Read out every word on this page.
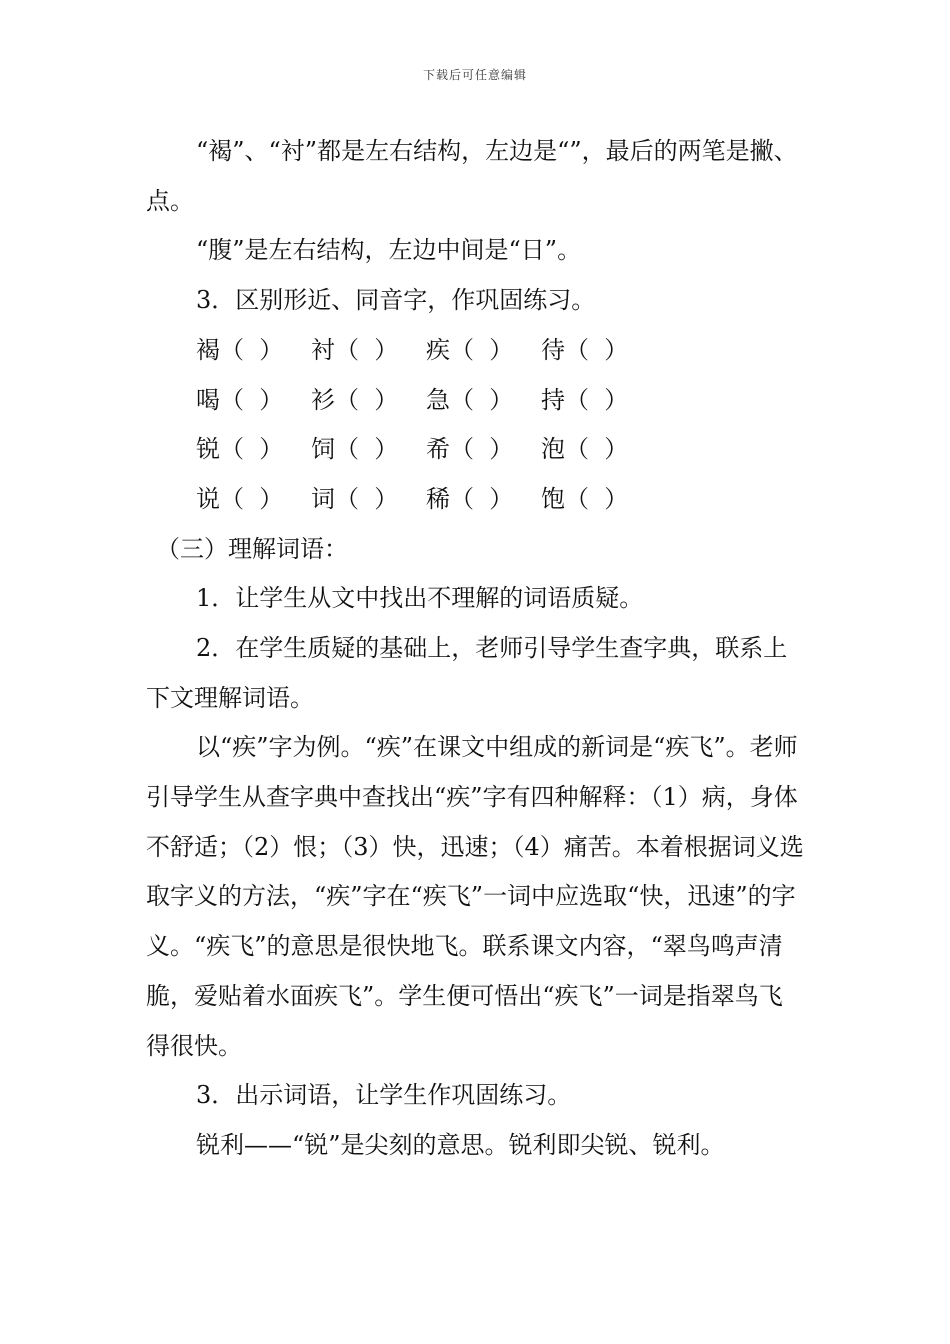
下载后可任意编辑

“褐”、“衬”都是左右结构，左边是“”，最后的两笔是撇、点。

“腹”是左右结构，左边中间是“日”。

3．区别形近、同音字，作巩固练习。

褐（  ）	衬（  ）	疾（  ）	待（  ）
喝（  ）	衫（  ）	急（  ）	持（  ）
锐（  ）	饲（  ）	希（  ）	泡（  ）
说（  ）	词（  ）	稀（  ）	饱（  ）

（三）理解词语：

1．让学生从文中找出不理解的词语质疑。

2．在学生质疑的基础上，老师引导学生查字典，联系上下文理解词语。

以“疾”字为例。“疾”在课文中组成的新词是“疾飞”。老师引导学生从查字典中查找出“疾”字有四种解释：（1）病，身体不舒适；（2）恨；（3）快，迅速；（4）痛苦。本着根据词义选取字义的方法，“疾”字在“疾飞”一词中应选取“快，迅速”的字义。“疾飞”的意思是很快地飞。联系课文内容，“翠鸟鸣声清脆，爱贴着水面疾飞”。学生便可悟出“疾飞”一词是指翠鸟飞得很快。

3．出示词语，让学生作巩固练习。

锐利——“锐”是尖刻的意思。锐利即尖锐、锐利。
